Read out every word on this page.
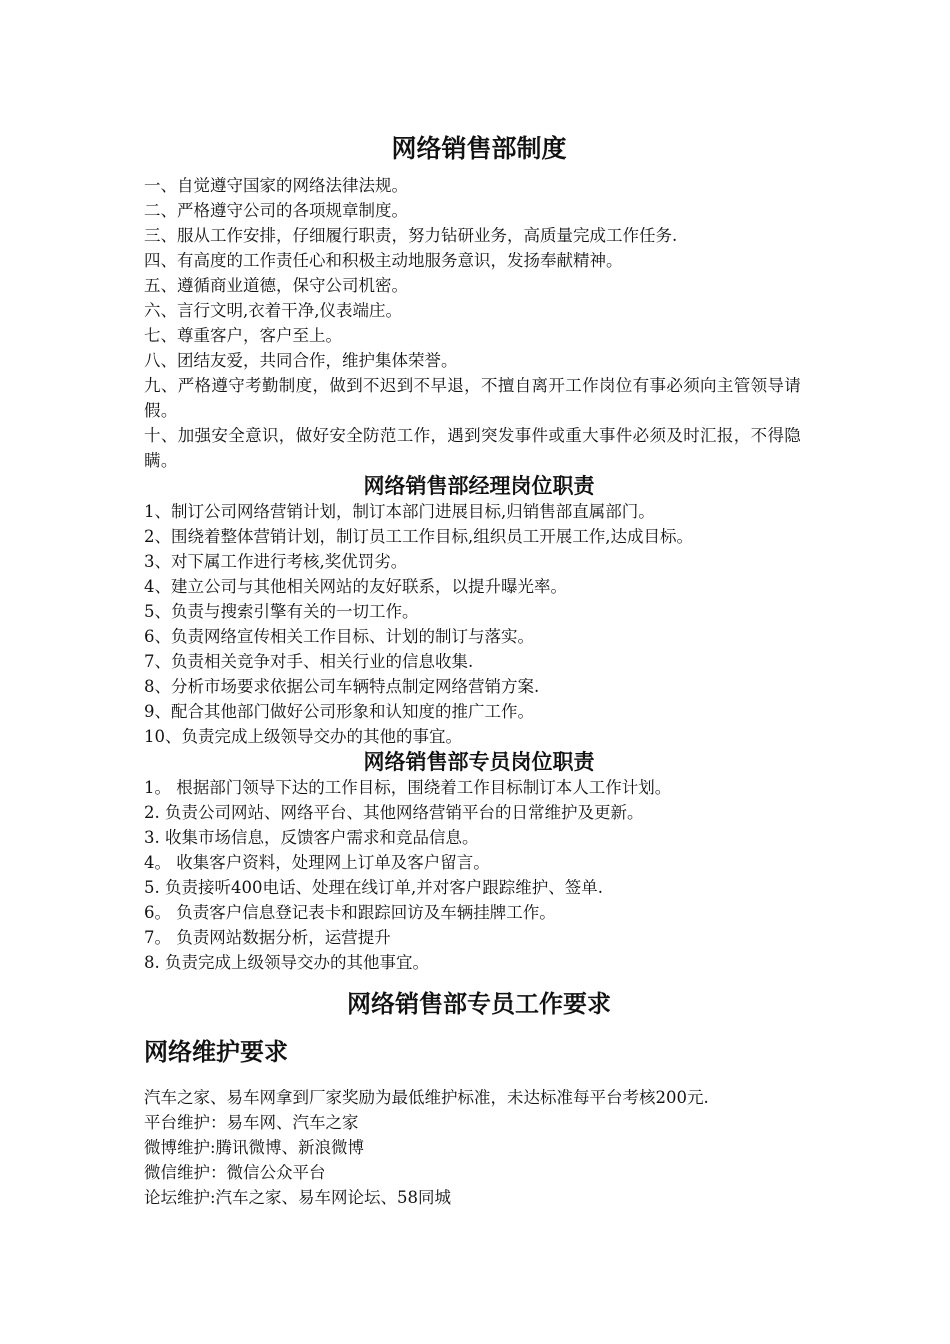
网络销售部制度

一、自觉遵守国家的网络法律法规。

二、严格遵守公司的各项规章制度。

三、服从工作安排，仔细履行职责，努力钻研业务，高质量完成工作任务.

四、有高度的工作责任心和积极主动地服务意识，发扬奉献精神。

五、遵循商业道德，保守公司机密。

六、言行文明,衣着干净,仪表端庄。

七、尊重客户，客户至上。

八、团结友爱，共同合作，维护集体荣誉。

九、严格遵守考勤制度，做到不迟到不早退，不擅自离开工作岗位有事必须向主管领导请假。

十、加强安全意识，做好安全防范工作，遇到突发事件或重大事件必须及时汇报，不得隐瞒。

网络销售部经理岗位职责

1、制订公司网络营销计划，制订本部门进展目标,归销售部直属部门。

2、围绕着整体营销计划，制订员工工作目标,组织员工开展工作,达成目标。

3、对下属工作进行考核,奖优罚劣。

4、建立公司与其他相关网站的友好联系，以提升曝光率。

5、负责与搜索引擎有关的一切工作。

6、负责网络宣传相关工作目标、计划的制订与落实。

7、负责相关竞争对手、相关行业的信息收集.

8、分析市场要求依据公司车辆特点制定网络营销方案.

9、配合其他部门做好公司形象和认知度的推广工作。

10、负责完成上级领导交办的其他的事宜。

网络销售部专员岗位职责

1。 根据部门领导下达的工作目标，围绕着工作目标制订本人工作计划。

2. 负责公司网站、网络平台、其他网络营销平台的日常维护及更新。

3. 收集市场信息，反馈客户需求和竞品信息。

4。 收集客户资料，处理网上订单及客户留言。

5. 负责接听400电话、处理在线订单,并对客户跟踪维护、签单.

6。 负责客户信息登记表卡和跟踪回访及车辆挂牌工作。

7。 负责网站数据分析，运营提升

8. 负责完成上级领导交办的其他事宜。

网络销售部专员工作要求
网络维护要求

汽车之家、易车网拿到厂家奖励为最低维护标准，未达标准每平台考核200元.

平台维护：易车网、汽车之家

微博维护:腾讯微博、新浪微博

微信维护：微信公众平台

论坛维护:汽车之家、易车网论坛、58同城
